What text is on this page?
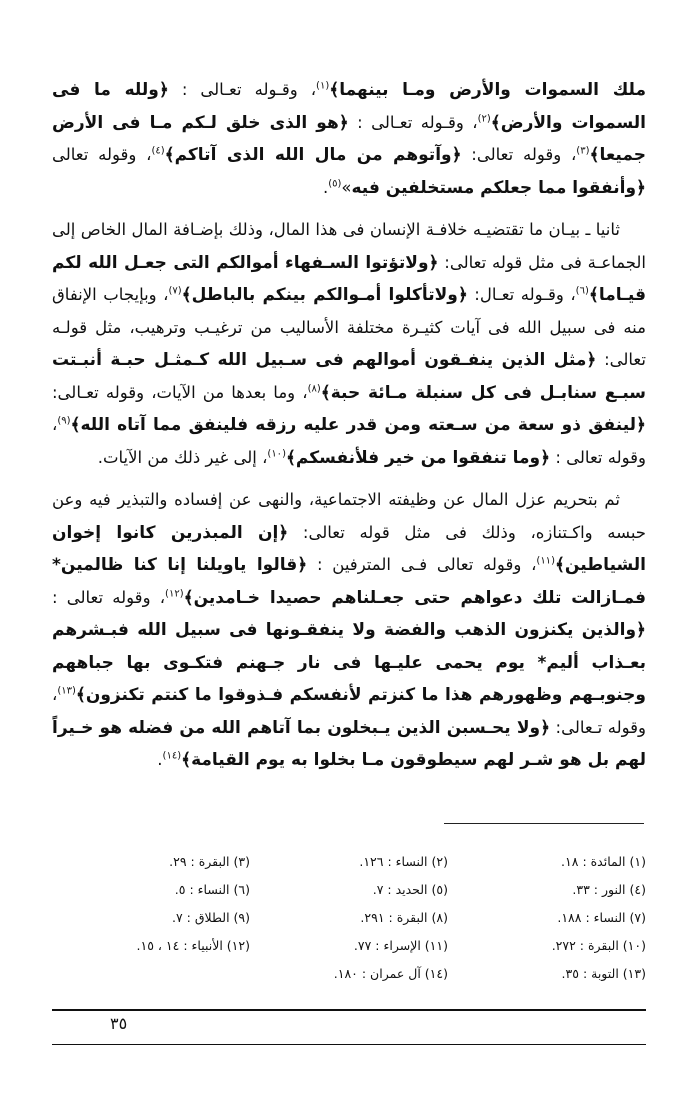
ملك السموات والأرض ومـا بينهما﴾$^{(١)}$، وقـوله تعـالى : ﴿ولله ما فى السموات والأرض﴾$^{(٢)}$، وقـوله تعـالى : ﴿هو الذى خلق لـكم مـا فى الأرض جميعا﴾$^{(٣)}$، وقوله تعالى: ﴿وآتوهم من مال الله الذى آتاكم﴾$^{(٤)}$، وقوله تعالى ﴿وأنفقوا مما جعلكم مستخلفين فيه»$^{(٥)}$.

ثانيا ـ بيـان ما تقتضيـه خلافـة الإنسان فى هذا المال، وذلك بإضـافة المال الخاص إلى الجماعـة فى مثل قوله تعالى: ﴿ولاتؤتوا السـفهاء أموالكم التى جعـل الله لكم قيـاما﴾$^{(٦)}$، وقـوله تعـال: ﴿ولاتأكلوا أمـوالكم بينكم بالباطل﴾$^{(٧)}$، وبإيجاب الإنفاق منه فى سبيل الله فى آيات كثيـرة مختلفة الأساليب من ترغيـب وترهيب، مثل قولـه تعالى: ﴿مثل الذين ينفـقون أموالهم فى سـبيل الله كـمثـل حبـة أنبـتت سبـع سنابـل فى كل سنبلة مـائة حبة﴾$^{(٨)}$، وما بعدها من الآيات، وقوله تعـالى: ﴿لينفق ذو سعة من سـعته ومن قدر عليه رزقه فلينفق مما آتاه الله﴾$^{(٩)}$، وقوله تعالى : ﴿وما تنفقوا من خير فلأنفسكم﴾$^{(١٠)}$، إلى غير ذلك من الآيات.

ثم بتحريم عزل المال عن وظيفته الاجتماعية، والنهى عن إفساده والتبذير فيه وعن حبسه واكـتنازه، وذلك فى مثل قوله تعالى: ﴿إن المبذرين كانوا إخوان الشياطين﴾$^{(١١)}$، وقوله تعالى فـى المترفين : ﴿قالوا ياويلنا إنا كنا ظالمين* فمـازالت تلك دعواهم حتى جعـلناهم حصيدا خـامدين﴾$^{(١٢)}$، وقوله تعالى : ﴿والذين يكنزون الذهب والفضة ولا ينفقـونها فى سبيل الله فبـشرهم بعـذاب أليم* يوم يحمى عليـها فى نار جـهنم فتكـوى بها جباههم وجنوبـهم وظهورهم هذا ما كنزتم لأنفسكم فـذوقوا ما كنتم تكنزون﴾$^{(١٣)}$، وقوله تـعالى: ﴿ولا يحـسبن الذين يـبخلون بما آتاهم الله من فضله هو خـيراً لهم بل هو شـر لهم سيطوقون مـا بخلوا به يوم القيامة﴾$^{(١٤)}$.

(١) المائدة : ١٨.
(٢) النساء : ١٢٦.
(٣) البقرة : ٢٩.
(٤) النور : ٣٣.
(٥) الحديد : ٧.
(٦) النساء : ٥.
(٧) النساء : ١٨٨.
(٨) البقرة : ٢٩١.
(٩) الطلاق : ٧.
(١٠) البقرة : ٢٧٢.
(١١) الإسراء : ٧٧.
(١٢) الأنبياء : ١٤ ، ١٥.
(١٣) التوبة : ٣٥.
(١٤) آل عمران : ١٨٠.
٣٥
